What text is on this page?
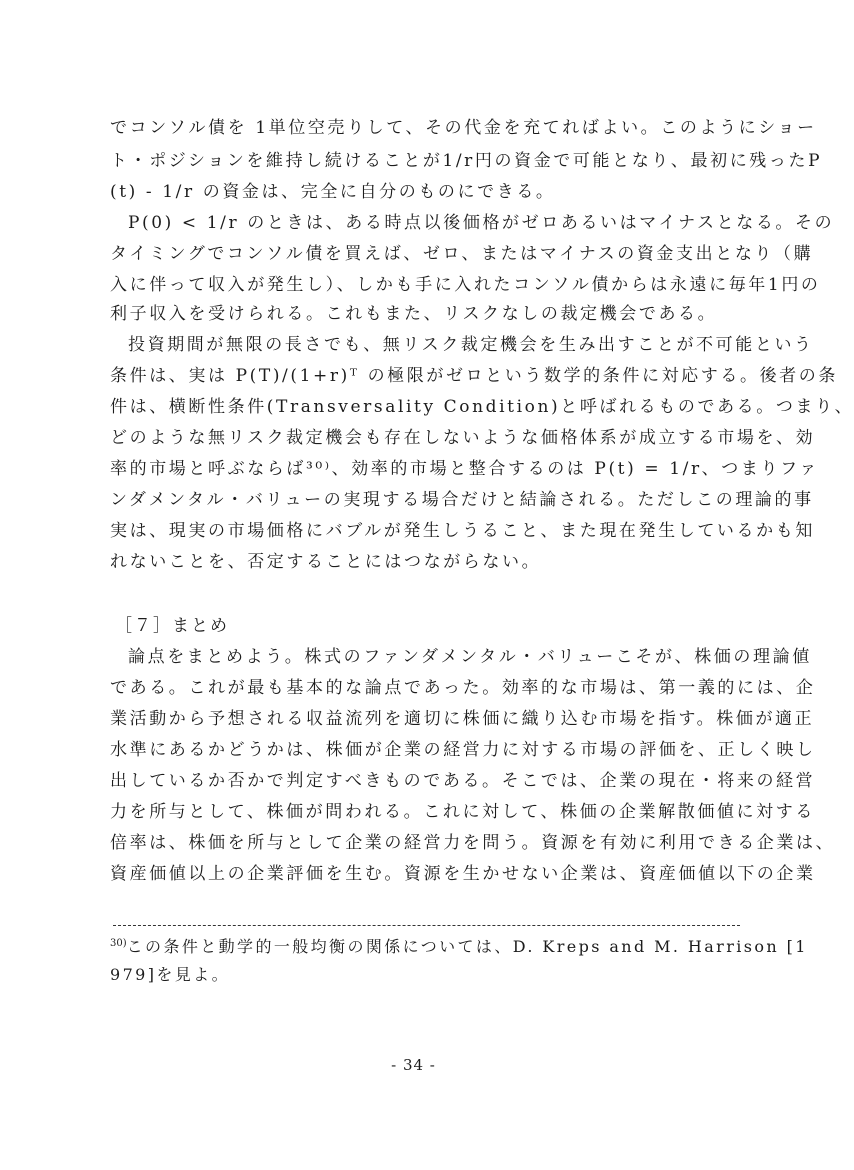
でコンソル債を 1単位空売りして、その代金を充てればよい。このようにショー
ト・ポジションを維持し続けることが1/r円の資金で可能となり、最初に残ったP
(t) - 1/r の資金は、完全に自分のものにできる。
P(0) < 1/r のときは、ある時点以後価格がゼロあるいはマイナスとなる。その
タイミングでコンソル債を買えば、ゼロ、またはマイナスの資金支出となり（購
入に伴って収入が発生し）、しかも手に入れたコンソル債からは永遠に毎年1円の
利子収入を受けられる。これもまた、リスクなしの裁定機会である。
投資期間が無限の長さでも、無リスク裁定機会を生み出すことが不可能という
条件は、実は P(T)/(1+r)ᵀ の極限がゼロという数学的条件に対応する。後者の条
件は、横断性条件(Transversality Condition)と呼ばれるものである。つまり、
どのような無リスク裁定機会も存在しないような価格体系が成立する市場を、効
率的市場と呼ぶならば³⁰⁾、効率的市場と整合するのは P(t) = 1/r、つまりファ
ンダメンタル・バリューの実現する場合だけと結論される。ただしこの理論的事
実は、現実の市場価格にバブルが発生しうること、また現在発生しているかも知
れないことを、否定することにはつながらない。
［７］まとめ
論点をまとめよう。株式のファンダメンタル・バリューこそが、株価の理論値
である。これが最も基本的な論点であった。効率的な市場は、第一義的には、企
業活動から予想される収益流列を適切に株価に織り込む市場を指す。株価が適正
水準にあるかどうかは、株価が企業の経営力に対する市場の評価を、正しく映し
出しているか否かで判定すべきものである。そこでは、企業の現在・将来の経営
力を所与として、株価が問われる。これに対して、株価の企業解散価値に対する
倍率は、株価を所与として企業の経営力を問う。資源を有効に利用できる企業は、
資産価値以上の企業評価を生む。資源を生かせない企業は、資産価値以下の企業
$^{30)}$この条件と動学的一般均衡の関係については、D. Kreps and M. Harrison [1
979]を見よ。
- 34 -
